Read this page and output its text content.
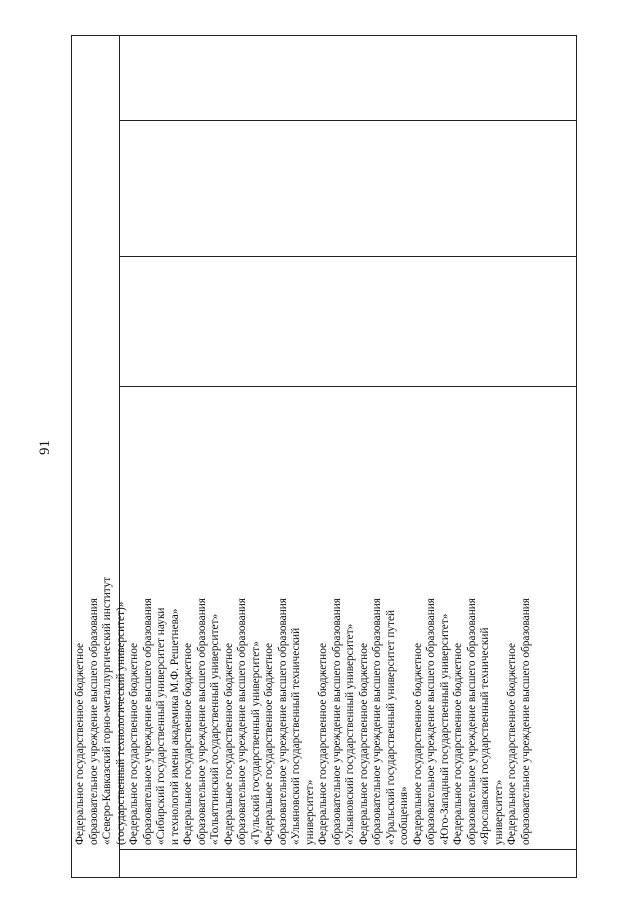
91
Федеральное государственное бюджетное образовательное учреждение высшего образования «Северо-Кавказский горно-металлургический институт (государственный технологический университет)» Федеральное государственное бюджетное образовательное учреждение высшего образования «Сибирский государственный университет науки и технологий имени академика М.Ф. Решетнева» Федеральное государственное бюджетное образовательное учреждение высшего образования «Тольяттинский государственный университет» Федеральное государственное бюджетное образовательное учреждение высшего образования «Тульский государственный университет» Федеральное государственное бюджетное образовательное учреждение высшего образования «Ульяновский государственный технический университет» Федеральное государственное бюджетное образовательное учреждение высшего образования «Ульяновский государственный университет» Федеральное государственное бюджетное образовательное учреждение высшего образования «Уральский государственный университет путей сообщения» Федеральное государственное бюджетное образовательное учреждение высшего образования «Юго-Западный государственный университет» Федеральное государственное бюджетное образовательное учреждение высшего образования «Ярославский государственный технический университет» Федеральное государственное бюджетное образовательное учреждение высшего образования
